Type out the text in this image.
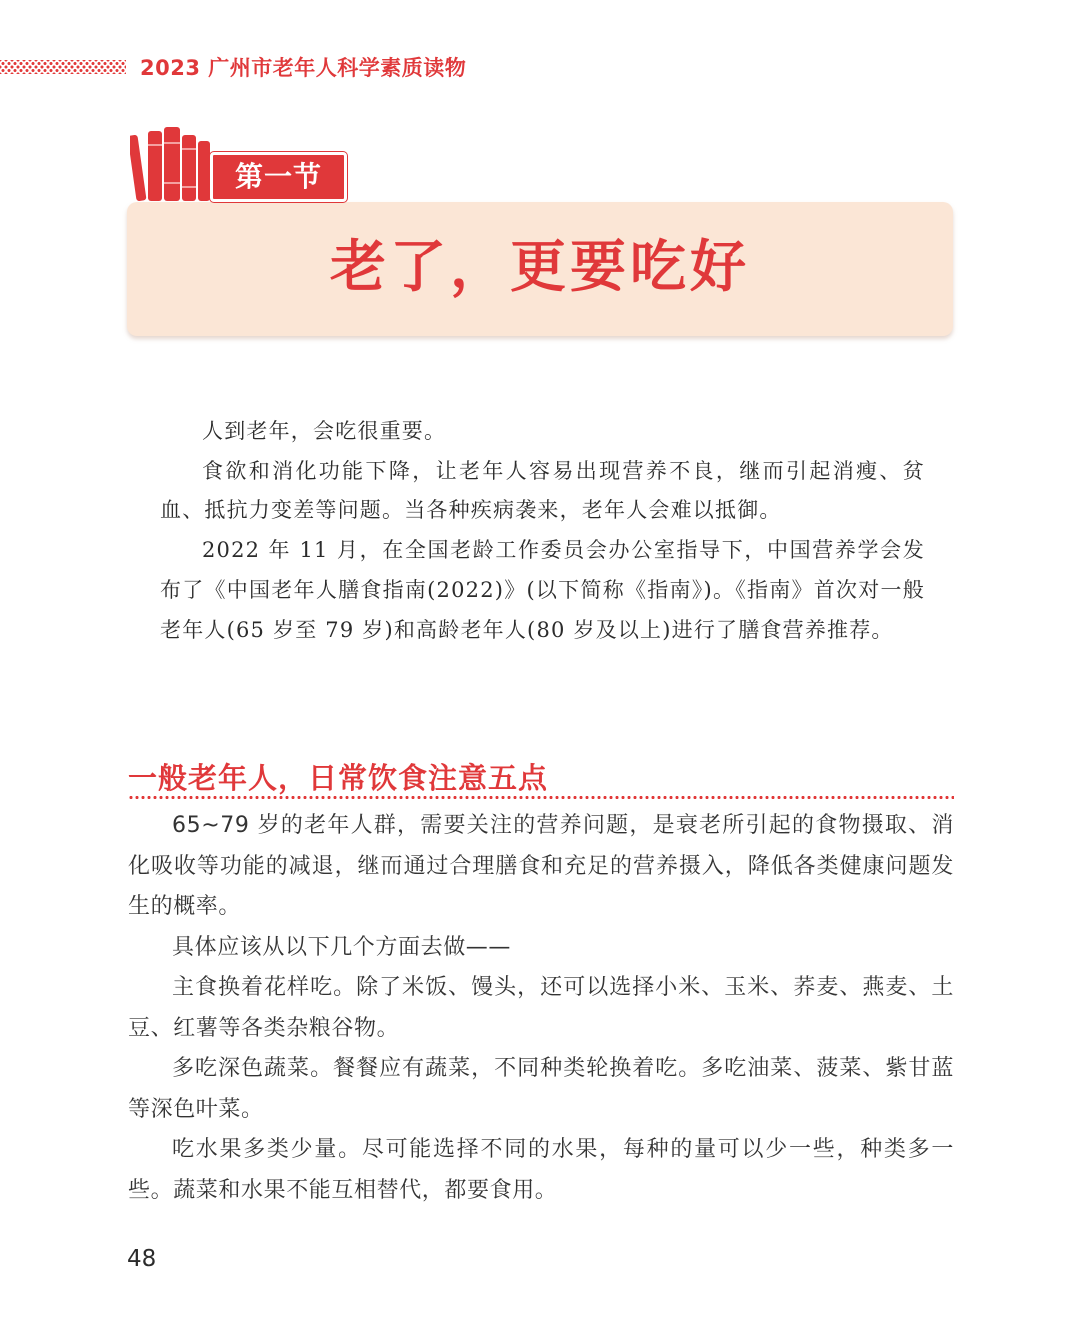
2023 广州市老年人科学素质读物
老了，更要吃好
第一节

人到老年，会吃很重要。

食欲和消化功能下降，让老年人容易出现营养不良，继而引起消瘦、贫血、抵抗力变差等问题。当各种疾病袭来，老年人会难以抵御。

2022 年 11 月，在全国老龄工作委员会办公室指导下，中国营养学会发布了《中国老年人膳食指南(2022)》(以下简称《指南》)。《指南》首次对一般老年人(65 岁至 79 岁)和高龄老年人(80 岁及以上)进行了膳食营养推荐。

一般老年人，日常饮食注意五点

65~79 岁的老年人群，需要关注的营养问题，是衰老所引起的食物摄取、消化吸收等功能的减退，继而通过合理膳食和充足的营养摄入，降低各类健康问题发生的概率。

具体应该从以下几个方面去做——

主食换着花样吃。除了米饭、馒头，还可以选择小米、玉米、荞麦、燕麦、土豆、红薯等各类杂粮谷物。

多吃深色蔬菜。餐餐应有蔬菜，不同种类轮换着吃。多吃油菜、菠菜、紫甘蓝等深色叶菜。

吃水果多类少量。尽可能选择不同的水果，每种的量可以少一些，种类多一些。蔬菜和水果不能互相替代，都要食用。

48
